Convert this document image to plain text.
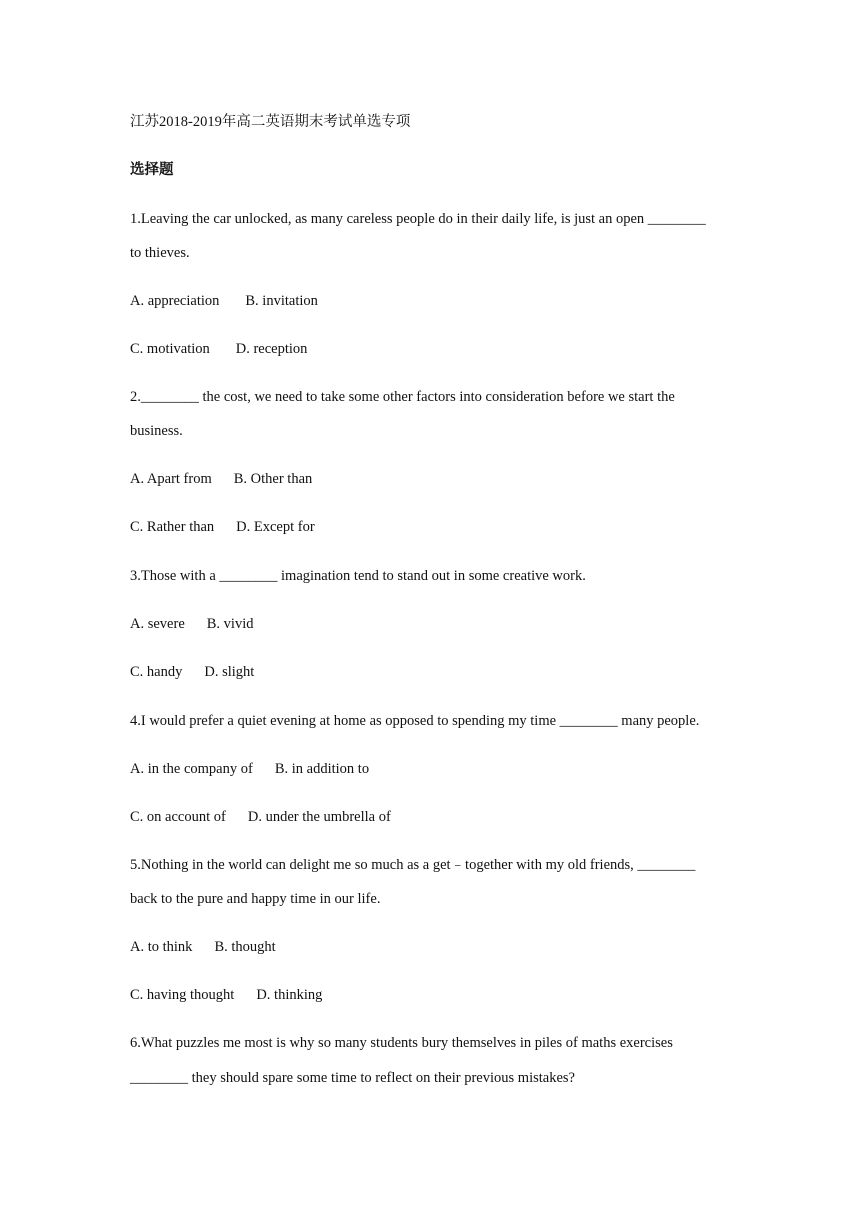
江苏2018-2019年高二英语期末考试单选专项
选择题
1.Leaving the car unlocked, as many careless people do in their daily life, is just an open ________
to thieves.
A. appreciation B. invitation
C. motivation D. reception
2.________ the cost, we need to take some other factors into consideration before we start the
business.
A. Apart from B. Other than
C. Rather than D. Except for
3.Those with a ________ imagination tend to stand out in some creative work.
A. severe B. vivid
C. handy D. slight
4.I would prefer a quiet evening at home as opposed to spending my time ________ many people.
A. in the company of B. in addition to
C. on account of D. under the umbrella of
5.Nothing in the world can delight me so much as a get﹣together with my old friends, ________
back to the pure and happy time in our life.
A. to think B. thought
C. having thought D. thinking
6.What puzzles me most is why so many students bury themselves in piles of maths exercises
________ they should spare some time to reflect on their previous mistakes?
